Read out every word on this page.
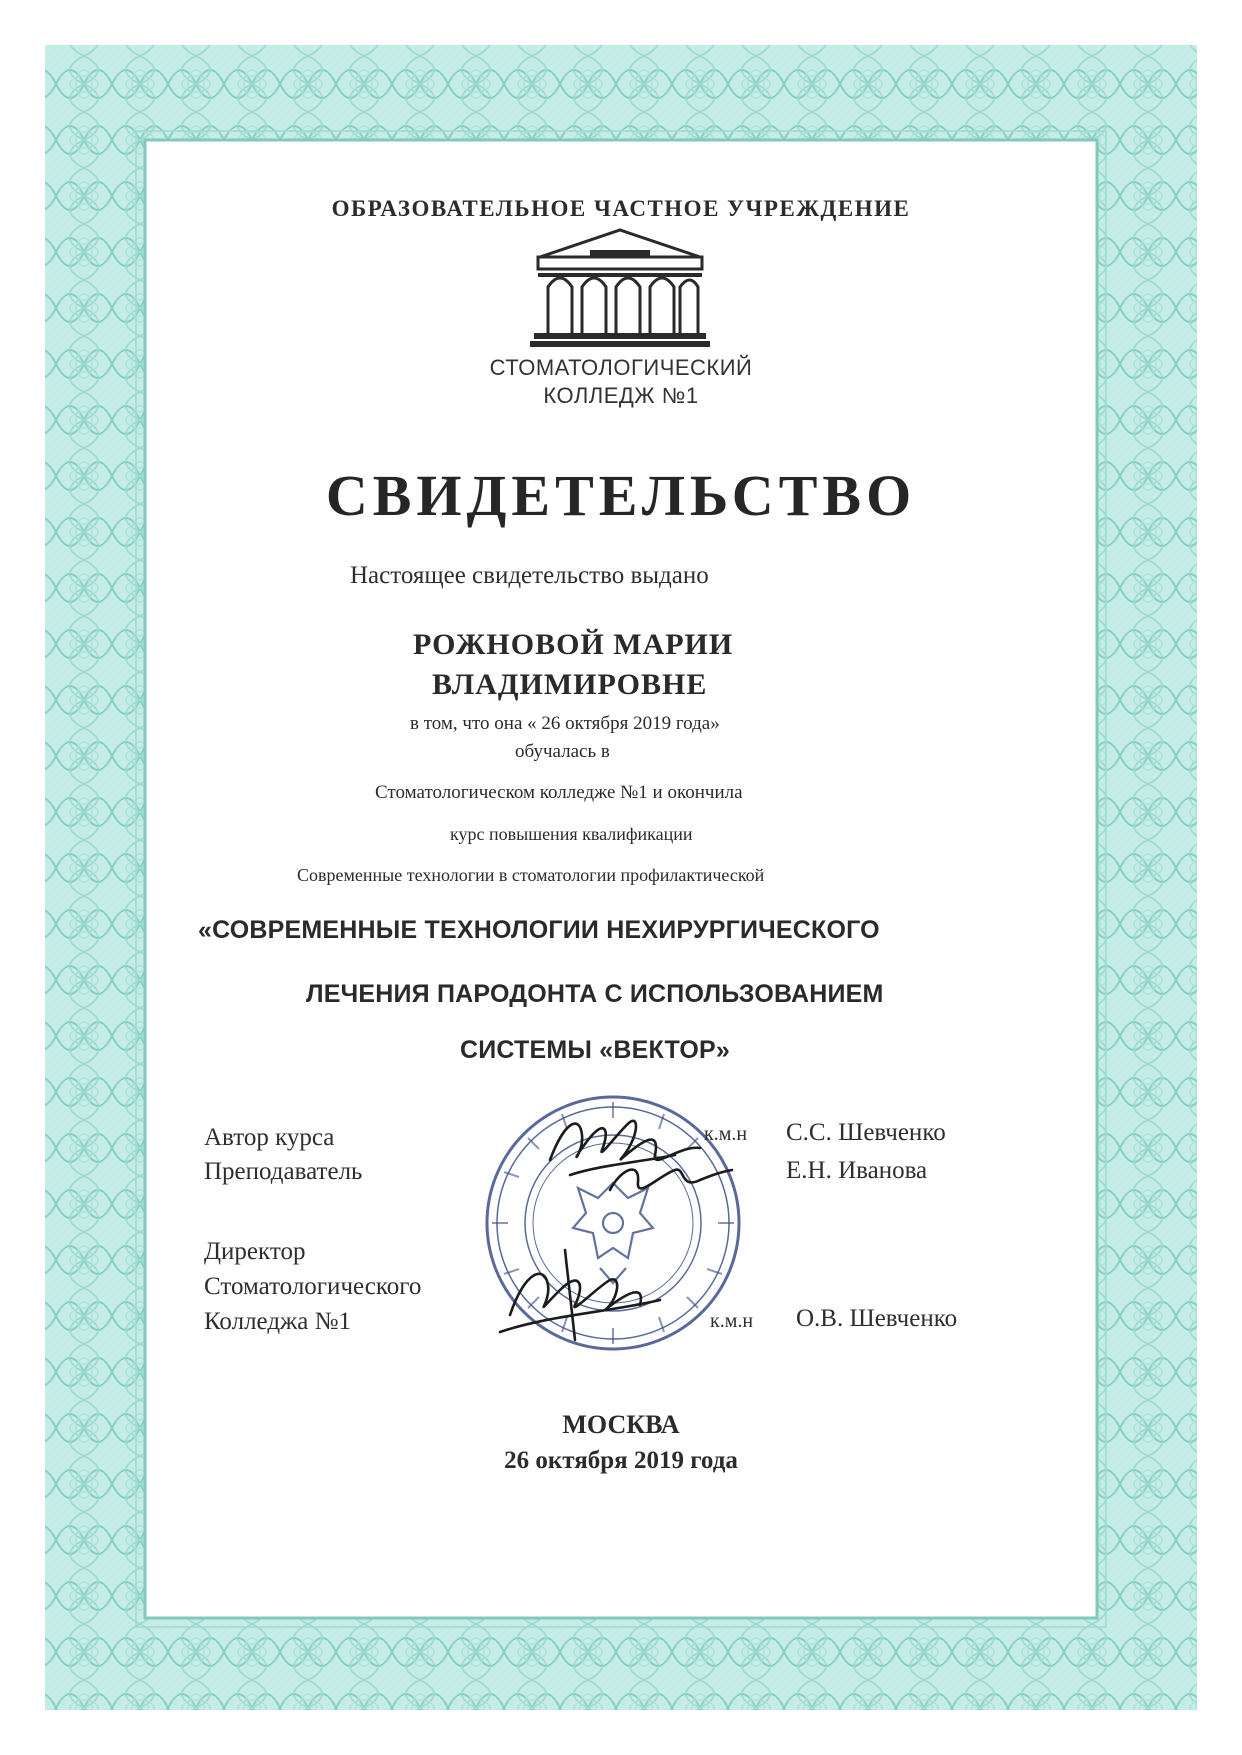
ОБРАЗОВАТЕЛЬНОЕ ЧАСТНОЕ УЧРЕЖДЕНИЕ
СТОМАТОЛОГИЧЕСКИЙ
КОЛЛЕДЖ №1
СВИДЕТЕЛЬСТВО
Настоящее свидетельство выдано
РОЖНОВОЙ МАРИИ
ВЛАДИМИРОВНЕ
в том, что она « 26 октября 2019 года»
обучалась в
Стоматологическом колледже №1 и окончила
курс повышения квалификации
Современные технологии в стоматологии профилактической
«СОВРЕМЕННЫЕ ТЕХНОЛОГИИ НЕХИРУРГИЧЕСКОГО
ЛЕЧЕНИЯ ПАРОДОНТА С ИСПОЛЬЗОВАНИЕМ
СИСТЕМЫ «ВЕКТОР»
Автор курса
Преподаватель
Директор
Стоматологического
Колледжа №1
к.м.н С.С. Шевченко
Е.Н. Иванова
к.м.н О.В. Шевченко
МОСКВА
26 октября 2019 года
